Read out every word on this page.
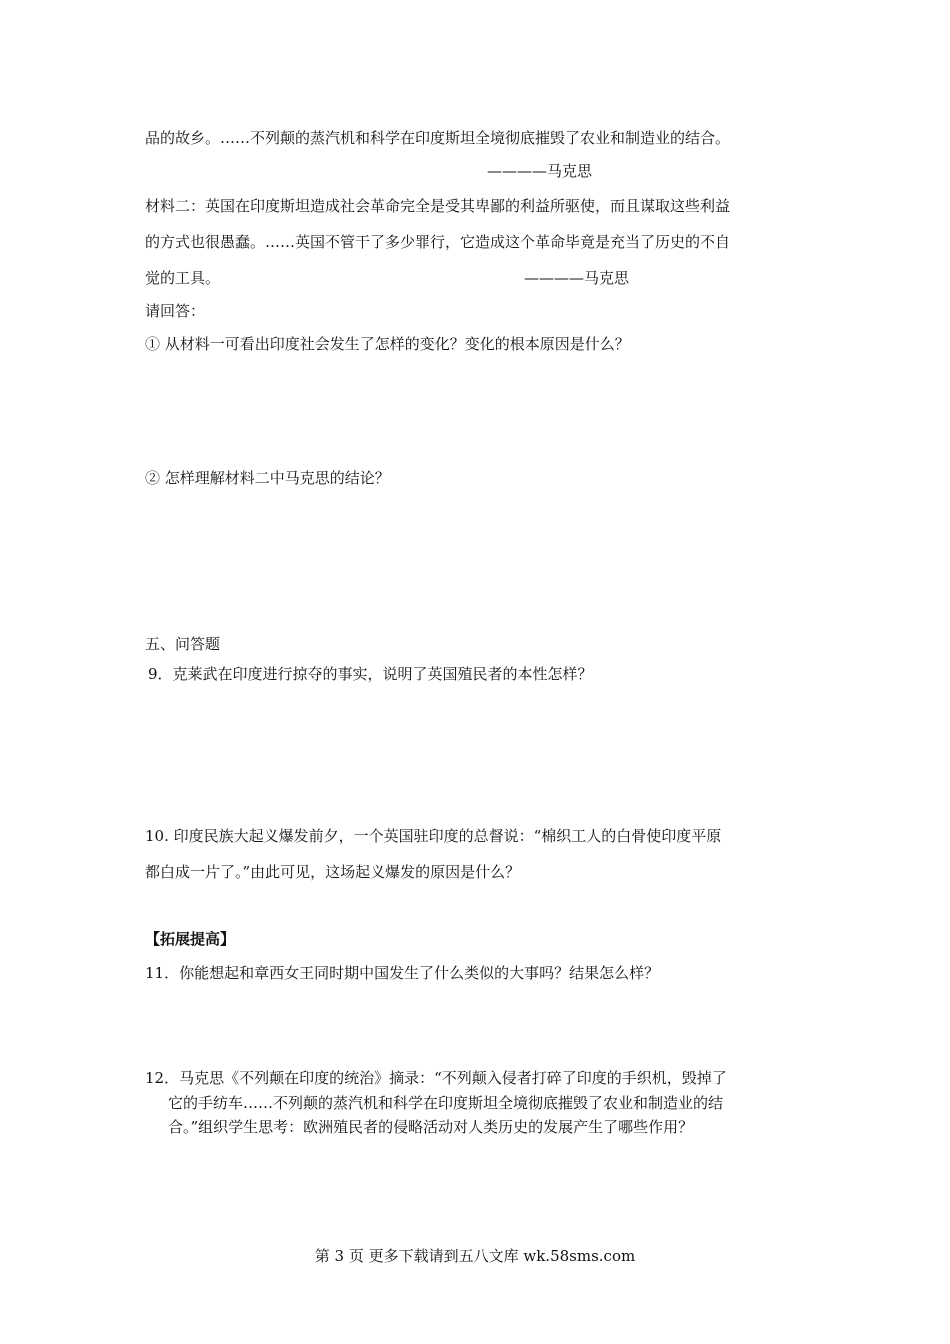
品的故乡。……不列颠的蒸汽机和科学在印度斯坦全境彻底摧毁了农业和制造业的结合。
————马克思
材料二：英国在印度斯坦造成社会革命完全是受其卑鄙的利益所驱使，而且谋取这些利益
的方式也很愚蠢。……英国不管干了多少罪行，它造成这个革命毕竟是充当了历史的不自
觉的工具。	————马克思
请回答：
① 从材料一可看出印度社会发生了怎样的变化？变化的根本原因是什么？
② 怎样理解材料二中马克思的结论？
五、问答题
9．克莱武在印度进行掠夺的事实，说明了英国殖民者的本性怎样？
10. 印度民族大起义爆发前夕，一个英国驻印度的总督说：“棉织工人的白骨使印度平原
都白成一片了。”由此可见，这场起义爆发的原因是什么？
【拓展提高】
11．你能想起和章西女王同时期中国发生了什么类似的大事吗？结果怎么样？
12．马克思《不列颠在印度的统治》摘录：“不列颠入侵者打碎了印度的手织机，毁掉了
它的手纺车……不列颠的蒸汽机和科学在印度斯坦全境彻底摧毁了农业和制造业的结
合。”组织学生思考：欧洲殖民者的侵略活动对人类历史的发展产生了哪些作用？
第 3 页 更多下载请到五八文库 wk.58sms.com
